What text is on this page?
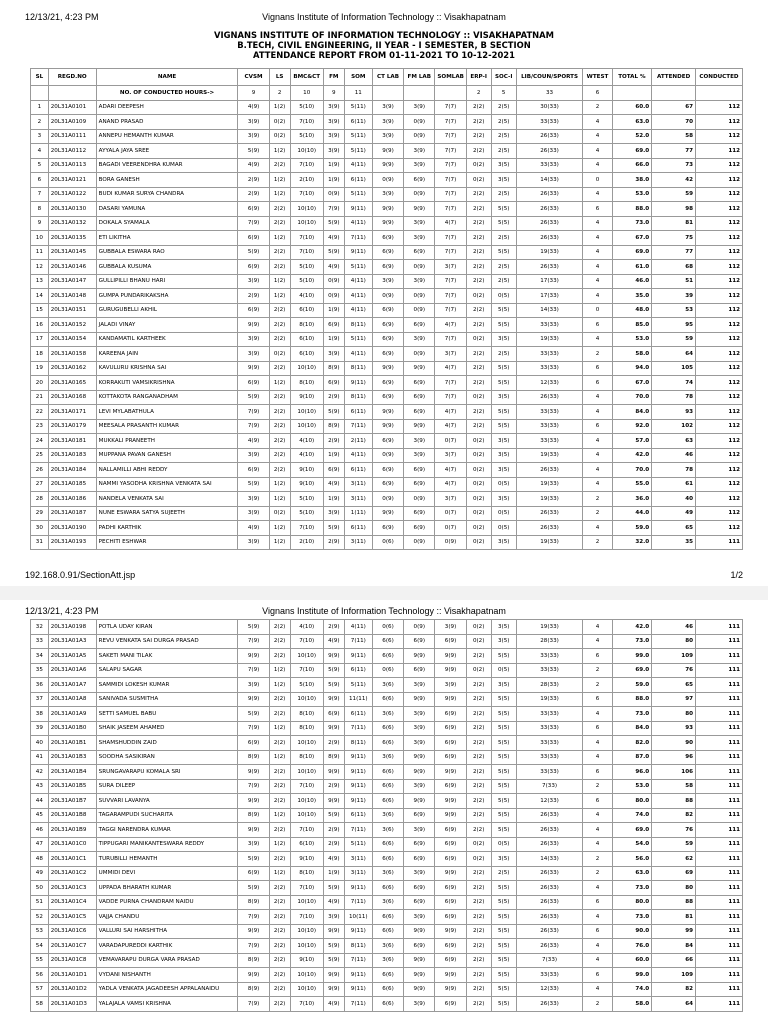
12/13/21, 4:23 PM	Vignans Institute of Information Technology :: Visakhapatnam
VIGNANS INSTITUTE OF INFORMATION TECHNOLOGY :: VISAKHAPATNAM
B.TECH, CIVIL ENGINEERING, II YEAR - I SEMESTER, B SECTION
ATTENDANCE REPORT FROM 01-11-2021 TO 10-12-2021
SL	REGD.NO	NAME	CVSM	LS	BMC&CT	FM	SOM	CT LAB	FM LAB	SOMLAB	ERP-I	SOC-I	LIB/COUN/SPORTS	WTEST	TOTAL %	ATTENDED	CONDUCTED
		NO. OF CONDUCTED HOURS->	9	2	10	9	11				2	5	33	6			
1	20L31A0101	ADARI DEEPESH	4(9)	1(2)	5(10)	3(9)	5(11)	3(9)	3(9)	7(7)	2(2)	2(5)	30(33)	2	60.0	67	112
2	20L31A0109	ANAND PRASAD	3(9)	0(2)	7(10)	3(9)	6(11)	3(9)	0(9)	7(7)	2(2)	2(5)	33(33)	4	63.0	70	112
3	20L31A0111	ANNEPU HEMANTH KUMAR	3(9)	0(2)	5(10)	3(9)	5(11)	3(9)	0(9)	7(7)	2(2)	2(5)	26(33)	4	52.0	58	112
4	20L31A0112	AYYALA JAYA SREE	5(9)	1(2)	10(10)	3(9)	5(11)	9(9)	3(9)	7(7)	2(2)	2(5)	26(33)	4	69.0	77	112
5	20L31A0113	BAGADI VEERENDHRA KUMAR	4(9)	2(2)	7(10)	1(9)	4(11)	9(9)	3(9)	7(7)	0(2)	3(5)	33(33)	4	66.0	73	112
6	20L31A0121	BORA GANESH	2(9)	1(2)	2(10)	1(9)	6(11)	0(9)	6(9)	7(7)	0(2)	3(5)	14(33)	0	38.0	42	112
7	20L31A0122	BUDI KUMAR SURYA CHANDRA	2(9)	1(2)	7(10)	0(9)	5(11)	3(9)	0(9)	7(7)	2(2)	2(5)	26(33)	4	53.0	59	112
8	20L31A0130	DASARI YAMUNA	6(9)	2(2)	10(10)	7(9)	9(11)	9(9)	9(9)	7(7)	2(2)	5(5)	26(33)	6	88.0	98	112
9	20L31A0132	DOKALA SYAMALA	7(9)	2(2)	10(10)	5(9)	4(11)	9(9)	3(9)	4(7)	2(2)	5(5)	26(33)	4	73.0	81	112
10	20L31A0135	ETI LIKITHA	6(9)	1(2)	7(10)	4(9)	7(11)	6(9)	3(9)	7(7)	2(2)	2(5)	26(33)	4	67.0	75	112
11	20L31A0145	GUBBALA ESWARA RAO	5(9)	2(2)	7(10)	5(9)	9(11)	6(9)	6(9)	7(7)	2(2)	5(5)	19(33)	4	69.0	77	112
12	20L31A0146	GUBBALA KUSUMA	6(9)	2(2)	5(10)	4(9)	5(11)	6(9)	0(9)	3(7)	2(2)	2(5)	26(33)	4	61.0	68	112
13	20L31A0147	GULLIPILLI BHANU HARI	3(9)	1(2)	5(10)	0(9)	4(11)	3(9)	3(9)	7(7)	2(2)	2(5)	17(33)	4	46.0	51	112
14	20L31A0148	GUMPA PUNDARIKAKSHA	2(9)	1(2)	4(10)	0(9)	4(11)	0(9)	0(9)	7(7)	0(2)	0(5)	17(33)	4	35.0	39	112
15	20L31A0151	GURUGUBELLI AKHIL	6(9)	2(2)	6(10)	1(9)	4(11)	6(9)	0(9)	7(7)	2(2)	5(5)	14(33)	0	48.0	53	112
16	20L31A0152	JALADI VINAY	9(9)	2(2)	8(10)	6(9)	8(11)	6(9)	6(9)	4(7)	2(2)	5(5)	33(33)	6	85.0	95	112
17	20L31A0154	KANDAMATIL KARTHEEK	3(9)	2(2)	6(10)	1(9)	5(11)	6(9)	3(9)	7(7)	0(2)	3(5)	19(33)	4	53.0	59	112
18	20L31A0158	KAREENA JAIN	3(9)	0(2)	6(10)	3(9)	4(11)	6(9)	0(9)	3(7)	2(2)	2(5)	33(33)	2	58.0	64	112
19	20L31A0162	KAVULURU KRISHNA SAI	9(9)	2(2)	10(10)	8(9)	8(11)	9(9)	9(9)	4(7)	2(2)	5(5)	33(33)	6	94.0	105	112
20	20L31A0165	KORRAKUTI VAMSIKRISHNA	6(9)	1(2)	8(10)	6(9)	9(11)	6(9)	6(9)	7(7)	2(2)	5(5)	12(33)	6	67.0	74	112
21	20L31A0168	KOTTAKOTA RANGANADHAM	5(9)	2(2)	9(10)	2(9)	8(11)	6(9)	6(9)	7(7)	0(2)	3(5)	26(33)	4	70.0	78	112
22	20L31A0171	LEVI MYLABATHULA	7(9)	2(2)	10(10)	5(9)	6(11)	9(9)	6(9)	4(7)	2(2)	5(5)	33(33)	4	84.0	93	112
23	20L31A0179	MEESALA PRASANTH KUMAR	7(9)	2(2)	10(10)	8(9)	7(11)	9(9)	9(9)	4(7)	2(2)	5(5)	33(33)	6	92.0	102	112
24	20L31A0181	MUKKALI PRANEETH	4(9)	2(2)	4(10)	2(9)	2(11)	6(9)	3(9)	0(7)	0(2)	3(5)	33(33)	4	57.0	63	112
25	20L31A0183	MUPPANA PAVAN GANESH	3(9)	2(2)	4(10)	1(9)	4(11)	0(9)	3(9)	3(7)	0(2)	3(5)	19(33)	4	42.0	46	112
26	20L31A0184	NALLAMILLI ABHI REDDY	6(9)	2(2)	9(10)	6(9)	6(11)	6(9)	6(9)	4(7)	0(2)	3(5)	26(33)	4	70.0	78	112
27	20L31A0185	NAMMI YASODHA KRISHNA VENKATA SAI	5(9)	1(2)	9(10)	4(9)	3(11)	6(9)	6(9)	4(7)	0(2)	0(5)	19(33)	4	55.0	61	112
28	20L31A0186	NANDELA VENKATA SAI	3(9)	1(2)	5(10)	1(9)	3(11)	0(9)	0(9)	3(7)	0(2)	3(5)	19(33)	2	36.0	40	112
29	20L31A0187	NUNE ESWARA SATYA SUJEETH	3(9)	0(2)	5(10)	3(9)	1(11)	9(9)	6(9)	0(7)	0(2)	0(5)	26(33)	2	44.0	49	112
30	20L31A0190	PADHI KARTHIK	4(9)	1(2)	7(10)	5(9)	6(11)	6(9)	6(9)	0(7)	0(2)	0(5)	26(33)	4	59.0	65	112
31	20L31A0193	PECHITI ESHWAR	3(9)	1(2)	2(10)	2(9)	3(11)	0(6)	0(9)	0(9)	0(2)	3(5)	19(33)	2	32.0	35	111
192.168.0.91/SectionAtt.jsp	1/2
12/13/21, 4:23 PM	Vignans Institute of Information Technology :: Visakhapatnam
32	20L31A0198	POTLA UDAY KIRAN	5(9)	2(2)	4(10)	2(9)	4(11)	0(6)	0(9)	3(9)	0(2)	3(5)	19(33)	4	42.0	46	111
33	20L31A01A3	REVU VENKATA SAI DURGA PRASAD	7(9)	2(2)	7(10)	4(9)	7(11)	6(6)	6(9)	6(9)	0(2)	3(5)	28(33)	4	73.0	80	111
34	20L31A01A5	SAKETI MANI TILAK	9(9)	2(2)	10(10)	9(9)	9(11)	6(6)	9(9)	9(9)	2(2)	5(5)	33(33)	6	99.0	109	111
35	20L31A01A6	SALAPU SAGAR	7(9)	1(2)	7(10)	5(9)	6(11)	0(6)	6(9)	9(9)	0(2)	0(5)	33(33)	2	69.0	76	111
36	20L31A01A7	SAMMIDI LOKESH KUMAR	3(9)	1(2)	5(10)	5(9)	5(11)	3(6)	3(9)	3(9)	2(2)	3(5)	28(33)	2	59.0	65	111
37	20L31A01A8	SANIVADA SUSMITHA	9(9)	2(2)	10(10)	9(9)	11(11)	6(6)	9(9)	9(9)	2(2)	5(5)	19(33)	6	88.0	97	111
38	20L31A01A9	SETTI SAMUEL BABU	5(9)	2(2)	8(10)	6(9)	6(11)	3(6)	3(9)	6(9)	2(2)	5(5)	33(33)	4	73.0	80	111
39	20L31A01B0	SHAIK JASEEM AHAMED	7(9)	1(2)	8(10)	9(9)	7(11)	6(6)	3(9)	6(9)	2(2)	5(5)	33(33)	6	84.0	93	111
40	20L31A01B1	SHAMSHUDDIN ZAID	6(9)	2(2)	10(10)	2(9)	8(11)	6(6)	3(9)	6(9)	2(2)	5(5)	33(33)	4	82.0	90	111
41	20L31A01B3	SOODHA SASIKIRAN	8(9)	1(2)	8(10)	8(9)	9(11)	3(6)	9(9)	6(9)	2(2)	5(5)	33(33)	4	87.0	96	111
42	20L31A01B4	SRUNGAVARAPU KOMALA SRI	9(9)	2(2)	10(10)	9(9)	9(11)	6(6)	9(9)	9(9)	2(2)	5(5)	33(33)	6	96.0	106	111
43	20L31A01B5	SURA DILEEP	7(9)	2(2)	7(10)	2(9)	9(11)	6(6)	3(9)	6(9)	2(2)	5(5)	7(33)	2	53.0	58	111
44	20L31A01B7	SUVVARI LAVANYA	9(9)	2(2)	10(10)	9(9)	9(11)	6(6)	9(9)	9(9)	2(2)	5(5)	12(33)	6	80.0	88	111
45	20L31A01B8	TAGARAMPUDI SUCHARITA	8(9)	1(2)	10(10)	5(9)	6(11)	3(6)	6(9)	9(9)	2(2)	5(5)	26(33)	4	74.0	82	111
46	20L31A01B9	TAGGI NARENDRA KUMAR	9(9)	2(2)	7(10)	2(9)	7(11)	3(6)	3(9)	6(9)	2(2)	5(5)	26(33)	4	69.0	76	111
47	20L31A01C0	TIPPUGARI MANIKANTESWARA REDDY	3(9)	1(2)	6(10)	2(9)	5(11)	6(6)	6(9)	6(9)	0(2)	0(5)	26(33)	4	54.0	59	111
48	20L31A01C1	TURUBILLI HEMANTH	5(9)	2(2)	9(10)	4(9)	3(11)	6(6)	6(9)	6(9)	0(2)	3(5)	14(33)	2	56.0	62	111
49	20L31A01C2	UMMIDI DEVI	6(9)	1(2)	8(10)	1(9)	3(11)	3(6)	3(9)	9(9)	2(2)	2(5)	26(33)	2	63.0	69	111
50	20L31A01C3	UPPADA BHARATH KUMAR	5(9)	2(2)	7(10)	5(9)	9(11)	6(6)	6(9)	6(9)	2(2)	5(5)	26(33)	4	73.0	80	111
51	20L31A01C4	VADDE PURNA CHANDRAM NAIDU	8(9)	2(2)	10(10)	4(9)	7(11)	3(6)	6(9)	6(9)	2(2)	5(5)	26(33)	6	80.0	88	111
52	20L31A01C5	VAJJA CHANDU	7(9)	2(2)	7(10)	3(9)	10(11)	6(6)	3(9)	6(9)	2(2)	5(5)	26(33)	4	73.0	81	111
53	20L31A01C6	VALLURI SAI HARSHITHA	9(9)	2(2)	10(10)	9(9)	9(11)	6(6)	9(9)	9(9)	2(2)	5(5)	26(33)	6	90.0	99	111
54	20L31A01C7	VARADAPUREDDI KARTHIK	7(9)	2(2)	10(10)	5(9)	8(11)	3(6)	6(9)	6(9)	2(2)	5(5)	26(33)	4	76.0	84	111
55	20L31A01C8	VEMAVARAPU DURGA VARA PRASAD	8(9)	2(2)	9(10)	5(9)	7(11)	3(6)	9(9)	6(9)	2(2)	5(5)	7(33)	4	60.0	66	111
56	20L31A01D1	VYDANI NISHANTH	9(9)	2(2)	10(10)	9(9)	9(11)	6(6)	9(9)	9(9)	2(2)	5(5)	33(33)	6	99.0	109	111
57	20L31A01D2	YADLA VENKATA JAGADEESH APPALANAIDU	8(9)	2(2)	10(10)	9(9)	9(11)	6(6)	9(9)	9(9)	2(2)	5(5)	12(33)	4	74.0	82	111
58	20L31A01D3	YALAJALA VAMSI KRISHNA	7(9)	2(2)	7(10)	4(9)	7(11)	6(6)	3(9)	6(9)	2(2)	5(5)	26(33)	2	58.0	64	111
